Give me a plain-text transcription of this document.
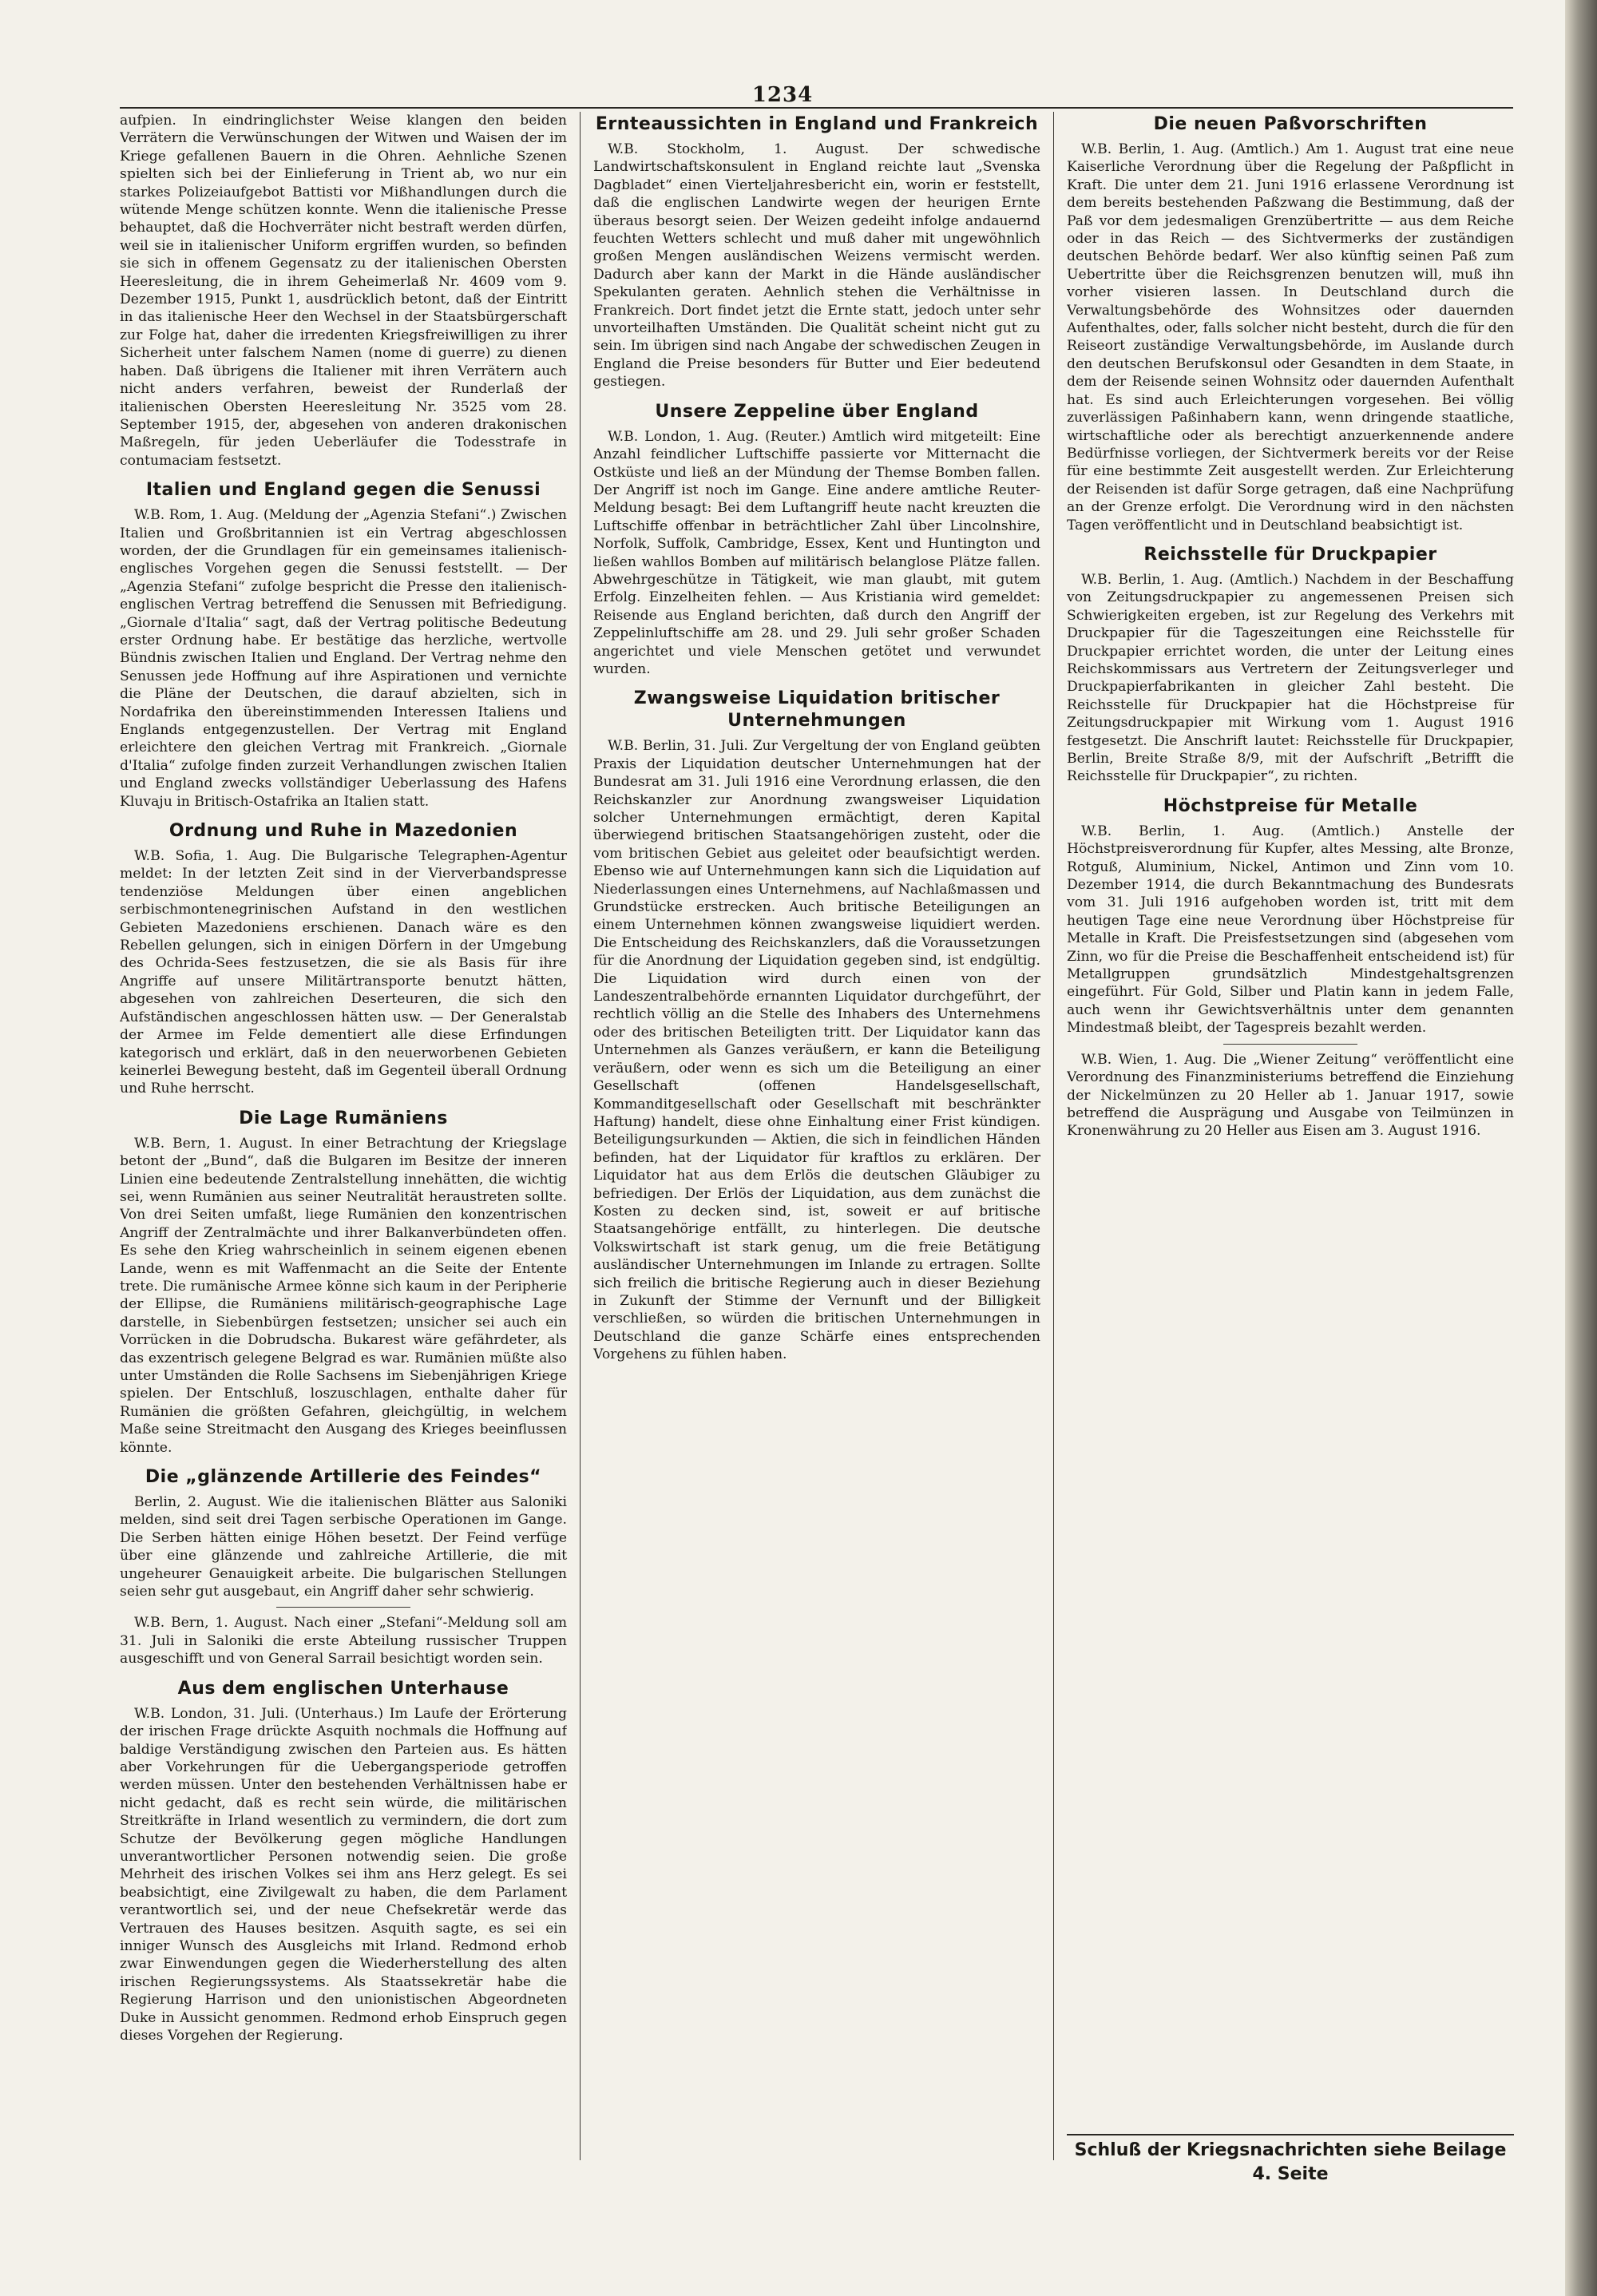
1234

aufpien. In eindringlichster Weise klangen den beiden Verrätern die Verwünschungen der Witwen und Waisen der im Kriege gefallenen Bauern in die Ohren. Aehnliche Szenen spielten sich bei der Einlieferung in Trient ab, wo nur ein starkes Polizeiaufgebot Battisti vor Mißhandlungen durch die wütende Menge schützen konnte. Wenn die italienische Presse behauptet, daß die Hochverräter nicht bestraft werden dürfen, weil sie in italienischer Uniform ergriffen wurden, so befinden sie sich in offenem Gegensatz zu der italienischen Obersten Heeresleitung, die in ihrem Geheimerlaß Nr. 4609 vom 9. Dezember 1915, Punkt 1, ausdrücklich betont, daß der Eintritt in das italienische Heer den Wechsel in der Staatsbürgerschaft zur Folge hat, daher die irredenten Kriegsfreiwilligen zu ihrer Sicherheit unter falschem Namen (nome di guerre) zu dienen haben. Daß übrigens die Italiener mit ihren Verrätern auch nicht anders verfahren, beweist der Runderlaß der italienischen Obersten Heeresleitung Nr. 3525 vom 28. September 1915, der, abgesehen von anderen drakonischen Maßregeln, für jeden Ueberläufer die Todesstrafe in contumaciam festsetzt.

Italien und England gegen die Senussi

W.B. Rom, 1. Aug. (Meldung der „Agenzia Stefani“.) Zwischen Italien und Großbritannien ist ein Vertrag abgeschlossen worden, der die Grundlagen für ein gemeinsames italienisch-englisches Vorgehen gegen die Senussi feststellt. — Der „Agenzia Stefani“ zufolge bespricht die Presse den italienisch-englischen Vertrag betreffend die Senussen mit Befriedigung. „Giornale d'Italia“ sagt, daß der Vertrag politische Bedeutung erster Ordnung habe. Er bestätige das herzliche, wertvolle Bündnis zwischen Italien und England. Der Vertrag nehme den Senussen jede Hoffnung auf ihre Aspirationen und vernichte die Pläne der Deutschen, die darauf abzielten, sich in Nordafrika den übereinstimmenden Interessen Italiens und Englands entgegenzustellen. Der Vertrag mit England erleichtere den gleichen Vertrag mit Frankreich. „Giornale d'Italia“ zufolge finden zurzeit Verhandlungen zwischen Italien und England zwecks vollständiger Ueberlassung des Hafens Kluvaju in Britisch-Ostafrika an Italien statt.

Ordnung und Ruhe in Mazedonien

W.B. Sofia, 1. Aug. Die Bulgarische Telegraphen-Agentur meldet: In der letzten Zeit sind in der Vierverbandspresse tendenziöse Meldungen über einen angeblichen serbischmontenegrinischen Aufstand in den westlichen Gebieten Mazedoniens erschienen. Danach wäre es den Rebellen gelungen, sich in einigen Dörfern in der Umgebung des Ochrida-Sees festzusetzen, die sie als Basis für ihre Angriffe auf unsere Militärtransporte benutzt hätten, abgesehen von zahlreichen Deserteuren, die sich den Aufständischen angeschlossen hätten usw. — Der Generalstab der Armee im Felde dementiert alle diese Erfindungen kategorisch und erklärt, daß in den neuerworbenen Gebieten keinerlei Bewegung besteht, daß im Gegenteil überall Ordnung und Ruhe herrscht.

Die Lage Rumäniens

W.B. Bern, 1. August. In einer Betrachtung der Kriegslage betont der „Bund“, daß die Bulgaren im Besitze der inneren Linien eine bedeutende Zentralstellung innehätten, die wichtig sei, wenn Rumänien aus seiner Neutralität heraustreten sollte. Von drei Seiten umfaßt, liege Rumänien den konzentrischen Angriff der Zentralmächte und ihrer Balkanverbündeten offen. Es sehe den Krieg wahrscheinlich in seinem eigenen ebenen Lande, wenn es mit Waffenmacht an die Seite der Entente trete. Die rumänische Armee könne sich kaum in der Peripherie der Ellipse, die Rumäniens militärisch-geographische Lage darstelle, in Siebenbürgen festsetzen; unsicher sei auch ein Vorrücken in die Dobrudscha. Bukarest wäre gefährdeter, als das exzentrisch gelegene Belgrad es war. Rumänien müßte also unter Umständen die Rolle Sachsens im Siebenjährigen Kriege spielen. Der Entschluß, loszuschlagen, enthalte daher für Rumänien die größten Gefahren, gleichgültig, in welchem Maße seine Streitmacht den Ausgang des Krieges beeinflussen könnte.

Die „glänzende Artillerie des Feindes“

Berlin, 2. August. Wie die italienischen Blätter aus Saloniki melden, sind seit drei Tagen serbische Operationen im Gange. Die Serben hätten einige Höhen besetzt. Der Feind verfüge über eine glänzende und zahlreiche Artillerie, die mit ungeheurer Genauigkeit arbeite. Die bulgarischen Stellungen seien sehr gut ausgebaut, ein Angriff daher sehr schwierig.

W.B. Bern, 1. August. Nach einer „Stefani“-Meldung soll am 31. Juli in Saloniki die erste Abteilung russischer Truppen ausgeschifft und von General Sarrail besichtigt worden sein.

Aus dem englischen Unterhause

W.B. London, 31. Juli. (Unterhaus.) Im Laufe der Erörterung der irischen Frage drückte Asquith nochmals die Hoffnung auf baldige Verständigung zwischen den Parteien aus. Es hätten aber Vorkehrungen für die Uebergangsperiode getroffen werden müssen. Unter den bestehenden Verhältnissen habe er nicht gedacht, daß es recht sein würde, die militärischen Streitkräfte in Irland wesentlich zu vermindern, die dort zum Schutze der Bevölkerung gegen mögliche Handlungen unverantwortlicher Personen notwendig seien. Die große Mehrheit des irischen Volkes sei ihm ans Herz gelegt. Es sei beabsichtigt, eine Zivilgewalt zu haben, die dem Parlament verantwortlich sei, und der neue Chefsekretär werde das Vertrauen des Hauses besitzen. Asquith sagte, es sei ein inniger Wunsch des Ausgleichs mit Irland. Redmond erhob zwar Einwendungen gegen die Wiederherstellung des alten irischen Regierungssystems. Als Staatssekretär habe die Regierung Harrison und den unionistischen Abgeordneten Duke in Aussicht genommen. Redmond erhob Einspruch gegen dieses Vorgehen der Regierung.

Ernteaussichten in England und Frankreich

W.B. Stockholm, 1. August. Der schwedische Landwirtschaftskonsulent in England reichte laut „Svenska Dagbladet“ einen Vierteljahresbericht ein, worin er feststellt, daß die englischen Landwirte wegen der heurigen Ernte überaus besorgt seien. Der Weizen gedeiht infolge andauernd feuchten Wetters schlecht und muß daher mit ungewöhnlich großen Mengen ausländischen Weizens vermischt werden. Dadurch aber kann der Markt in die Hände ausländischer Spekulanten geraten. Aehnlich stehen die Verhältnisse in Frankreich. Dort findet jetzt die Ernte statt, jedoch unter sehr unvorteilhaften Umständen. Die Qualität scheint nicht gut zu sein. Im übrigen sind nach Angabe der schwedischen Zeugen in England die Preise besonders für Butter und Eier bedeutend gestiegen.

Unsere Zeppeline über England

W.B. London, 1. Aug. (Reuter.) Amtlich wird mitgeteilt: Eine Anzahl feindlicher Luftschiffe passierte vor Mitternacht die Ostküste und ließ an der Mündung der Themse Bomben fallen. Der Angriff ist noch im Gange. Eine andere amtliche Reuter-Meldung besagt: Bei dem Luftangriff heute nacht kreuzten die Luftschiffe offenbar in beträchtlicher Zahl über Lincolnshire, Norfolk, Suffolk, Cambridge, Essex, Kent und Huntington und ließen wahllos Bomben auf militärisch belanglose Plätze fallen. Abwehrgeschütze in Tätigkeit, wie man glaubt, mit gutem Erfolg. Einzelheiten fehlen. — Aus Kristiania wird gemeldet: Reisende aus England berichten, daß durch den Angriff der Zeppelinluftschiffe am 28. und 29. Juli sehr großer Schaden angerichtet und viele Menschen getötet und verwundet wurden.

Zwangsweise Liquidation britischer Unternehmungen

W.B. Berlin, 31. Juli. Zur Vergeltung der von England geübten Praxis der Liquidation deutscher Unternehmungen hat der Bundesrat am 31. Juli 1916 eine Verordnung erlassen, die den Reichskanzler zur Anordnung zwangsweiser Liquidation solcher Unternehmungen ermächtigt, deren Kapital überwiegend britischen Staatsangehörigen zusteht, oder die vom britischen Gebiet aus geleitet oder beaufsichtigt werden. Ebenso wie auf Unternehmungen kann sich die Liquidation auf Niederlassungen eines Unternehmens, auf Nachlaßmassen und Grundstücke erstrecken. Auch britische Beteiligungen an einem Unternehmen können zwangsweise liquidiert werden. Die Entscheidung des Reichskanzlers, daß die Voraussetzungen für die Anordnung der Liquidation gegeben sind, ist endgültig. Die Liquidation wird durch einen von der Landeszentralbehörde ernannten Liquidator durchgeführt, der rechtlich völlig an die Stelle des Inhabers des Unternehmens oder des britischen Beteiligten tritt. Der Liquidator kann das Unternehmen als Ganzes veräußern, er kann die Beteiligung veräußern, oder wenn es sich um die Beteiligung an einer Gesellschaft (offenen Handelsgesellschaft, Kommanditgesellschaft oder Gesellschaft mit beschränkter Haftung) handelt, diese ohne Einhaltung einer Frist kündigen. Beteiligungsurkunden — Aktien, die sich in feindlichen Händen befinden, hat der Liquidator für kraftlos zu erklären. Der Liquidator hat aus dem Erlös die deutschen Gläubiger zu befriedigen. Der Erlös der Liquidation, aus dem zunächst die Kosten zu decken sind, ist, soweit er auf britische Staatsangehörige entfällt, zu hinterlegen. Die deutsche Volkswirtschaft ist stark genug, um die freie Betätigung ausländischer Unternehmungen im Inlande zu ertragen. Sollte sich freilich die britische Regierung auch in dieser Beziehung in Zukunft der Stimme der Vernunft und der Billigkeit verschließen, so würden die britischen Unternehmungen in Deutschland die ganze Schärfe eines entsprechenden Vorgehens zu fühlen haben.

Die neuen Paßvorschriften

W.B. Berlin, 1. Aug. (Amtlich.) Am 1. August trat eine neue Kaiserliche Verordnung über die Regelung der Paßpflicht in Kraft. Die unter dem 21. Juni 1916 erlassene Verordnung ist dem bereits bestehenden Paßzwang die Bestimmung, daß der Paß vor dem jedesmaligen Grenzübertritte — aus dem Reiche oder in das Reich — des Sichtvermerks der zuständigen deutschen Behörde bedarf. Wer also künftig seinen Paß zum Uebertritte über die Reichsgrenzen benutzen will, muß ihn vorher visieren lassen. In Deutschland durch die Verwaltungsbehörde des Wohnsitzes oder dauernden Aufenthaltes, oder, falls solcher nicht besteht, durch die für den Reiseort zuständige Verwaltungsbehörde, im Auslande durch den deutschen Berufskonsul oder Gesandten in dem Staate, in dem der Reisende seinen Wohnsitz oder dauernden Aufenthalt hat. Es sind auch Erleichterungen vorgesehen. Bei völlig zuverlässigen Paßinhabern kann, wenn dringende staatliche, wirtschaftliche oder als berechtigt anzuerkennende andere Bedürfnisse vorliegen, der Sichtvermerk bereits vor der Reise für eine bestimmte Zeit ausgestellt werden. Zur Erleichterung der Reisenden ist dafür Sorge getragen, daß eine Nachprüfung an der Grenze erfolgt. Die Verordnung wird in den nächsten Tagen veröffentlicht und in Deutschland beabsichtigt ist.

Reichsstelle für Druckpapier

W.B. Berlin, 1. Aug. (Amtlich.) Nachdem in der Beschaffung von Zeitungsdruckpapier zu angemessenen Preisen sich Schwierigkeiten ergeben, ist zur Regelung des Verkehrs mit Druckpapier für die Tageszeitungen eine Reichsstelle für Druckpapier errichtet worden, die unter der Leitung eines Reichskommissars aus Vertretern der Zeitungsverleger und Druckpapierfabrikanten in gleicher Zahl besteht. Die Reichsstelle für Druckpapier hat die Höchstpreise für Zeitungsdruckpapier mit Wirkung vom 1. August 1916 festgesetzt. Die Anschrift lautet: Reichsstelle für Druckpapier, Berlin, Breite Straße 8/9, mit der Aufschrift „Betrifft die Reichsstelle für Druckpapier“, zu richten.

Höchstpreise für Metalle

W.B. Berlin, 1. Aug. (Amtlich.) Anstelle der Höchstpreisverordnung für Kupfer, altes Messing, alte Bronze, Rotguß, Aluminium, Nickel, Antimon und Zinn vom 10. Dezember 1914, die durch Bekanntmachung des Bundesrats vom 31. Juli 1916 aufgehoben worden ist, tritt mit dem heutigen Tage eine neue Verordnung über Höchstpreise für Metalle in Kraft. Die Preisfestsetzungen sind (abgesehen vom Zinn, wo für die Preise die Beschaffenheit entscheidend ist) für Metallgruppen grundsätzlich Mindestgehaltsgrenzen eingeführt. Für Gold, Silber und Platin kann in jedem Falle, auch wenn ihr Gewichtsverhältnis unter dem genannten Mindestmaß bleibt, der Tagespreis bezahlt werden.

W.B. Wien, 1. Aug. Die „Wiener Zeitung“ veröffentlicht eine Verordnung des Finanzministeriums betreffend die Einziehung der Nickelmünzen zu 20 Heller ab 1. Januar 1917, sowie betreffend die Ausprägung und Ausgabe von Teilmünzen in Kronenwährung zu 20 Heller aus Eisen am 3. August 1916.

Schluß der Kriegsnachrichten siehe Beilage 4. Seite
